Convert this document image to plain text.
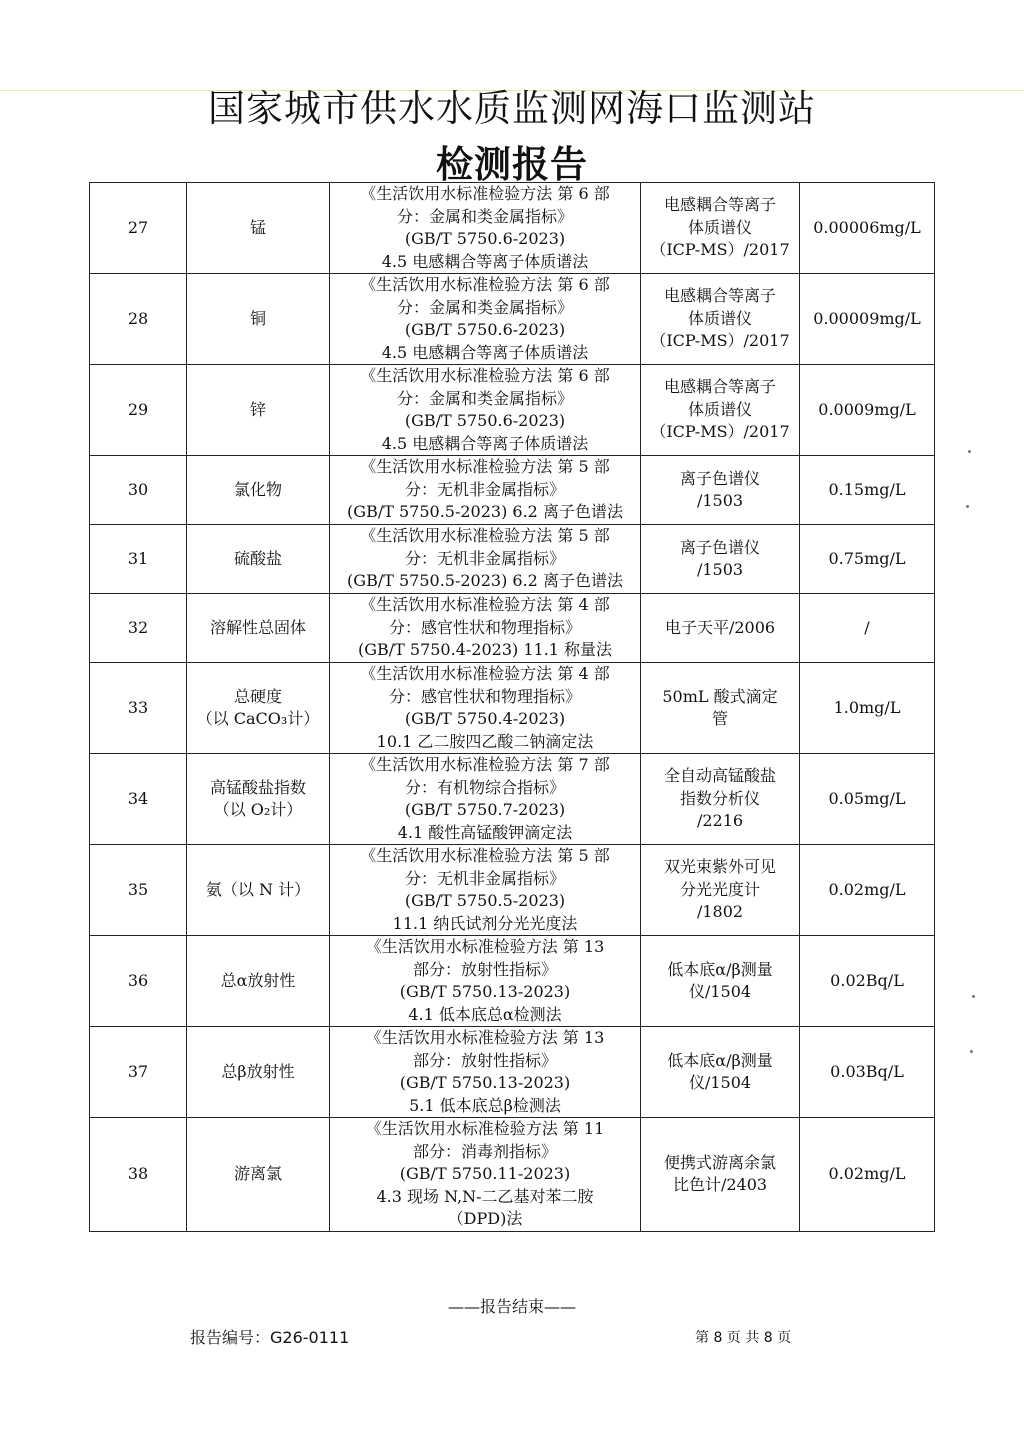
国家城市供水水质监测网海口监测站
检测报告
27	锰	《生活饮用水标准检验方法 第 6 部
分：金属和类金属指标》
(GB/T 5750.6-2023)
4.5 电感耦合等离子体质谱法	电感耦合等离子
体质谱仪
（ICP-MS）/2017	0.00006mg/L
28	铜	《生活饮用水标准检验方法 第 6 部
分：金属和类金属指标》
(GB/T 5750.6-2023)
4.5 电感耦合等离子体质谱法	电感耦合等离子
体质谱仪
（ICP-MS）/2017	0.00009mg/L
29	锌	《生活饮用水标准检验方法 第 6 部
分：金属和类金属指标》
(GB/T 5750.6-2023)
4.5 电感耦合等离子体质谱法	电感耦合等离子
体质谱仪
（ICP-MS）/2017	0.0009mg/L
30	氯化物	《生活饮用水标准检验方法 第 5 部
分：无机非金属指标》
(GB/T 5750.5-2023) 6.2 离子色谱法	离子色谱仪
/1503	0.15mg/L
31	硫酸盐	《生活饮用水标准检验方法 第 5 部
分：无机非金属指标》
(GB/T 5750.5-2023) 6.2 离子色谱法	离子色谱仪
/1503	0.75mg/L
32	溶解性总固体	《生活饮用水标准检验方法 第 4 部
分：感官性状和物理指标》
(GB/T 5750.4-2023) 11.1 称量法	电子天平/2006	/
33	总硬度
（以 CaCO₃计）	《生活饮用水标准检验方法 第 4 部
分：感官性状和物理指标》
(GB/T 5750.4-2023)
10.1 乙二胺四乙酸二钠滴定法	50mL 酸式滴定
管	1.0mg/L
34	高锰酸盐指数
（以 O₂计）	《生活饮用水标准检验方法 第 7 部
分：有机物综合指标》
(GB/T 5750.7-2023)
4.1 酸性高锰酸钾滴定法	全自动高锰酸盐
指数分析仪
/2216	0.05mg/L
35	氨（以 N 计）	《生活饮用水标准检验方法 第 5 部
分：无机非金属指标》
(GB/T 5750.5-2023)
11.1 纳氏试剂分光光度法	双光束紫外可见
分光光度计
/1802	0.02mg/L
36	总α放射性	《生活饮用水标准检验方法 第 13
部分：放射性指标》
(GB/T 5750.13-2023)
4.1 低本底总α检测法	低本底α/β测量
仪/1504	0.02Bq/L
37	总β放射性	《生活饮用水标准检验方法 第 13
部分：放射性指标》
(GB/T 5750.13-2023)
5.1 低本底总β检测法	低本底α/β测量
仪/1504	0.03Bq/L
38	游离氯	《生活饮用水标准检验方法 第 11
部分：消毒剂指标》
(GB/T 5750.11-2023)
4.3 现场 N,N-二乙基对苯二胺
（DPD)法	便携式游离余氯
比色计/2403	0.02mg/L
——报告结束——
报告编号：G26-0111	第 8 页 共 8 页
